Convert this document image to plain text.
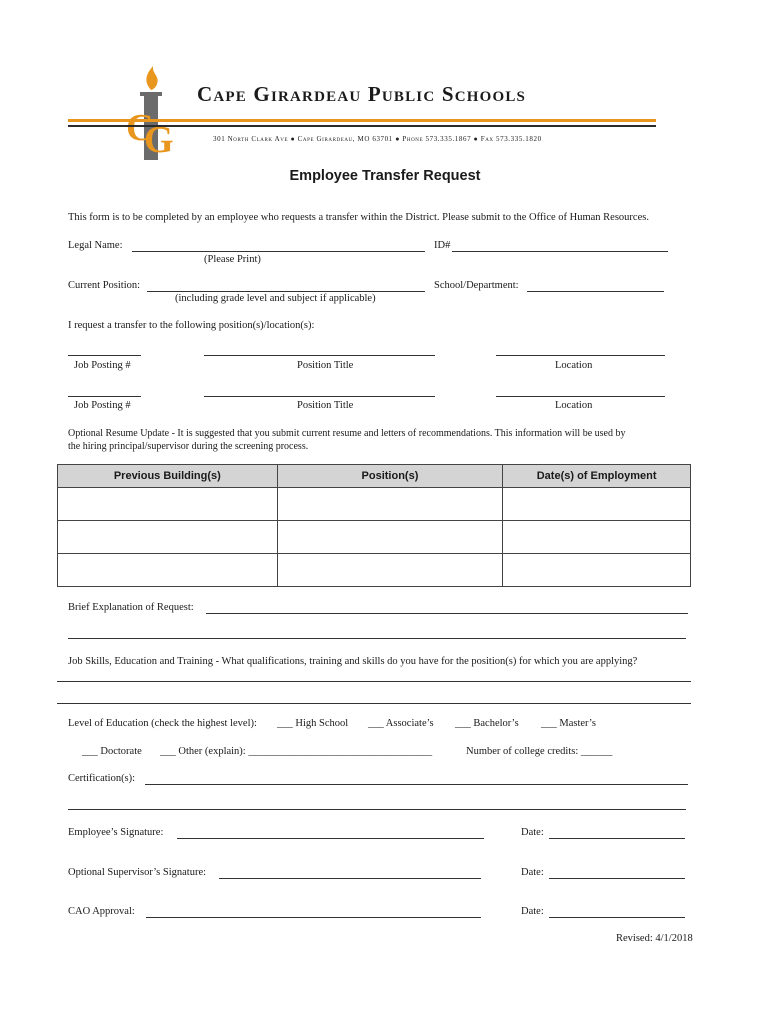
C
G
Cape Girardeau Public Schools
301 North Clark Ave ● Cape Girardeau, MO 63701 ● Phone 573.335.1867 ● Fax 573.335.1820
Employee Transfer Request
This form is to be completed by an employee who requests a transfer within the District. Please submit to the Office of Human Resources.
Legal Name:	ID#
(Please Print)
Current Position:	School/Department:
(including grade level and subject if applicable)
I request a transfer to the following position(s)/location(s):
Job Posting #	Position Title	Location
Job Posting #	Position Title	Location
Optional Resume Update - It is suggested that you submit current resume and letters of recommendations. This information will be used by
the hiring principal/supervisor during the screening process.
Previous Building(s)	Position(s)	Date(s) of Employment

Brief Explanation of Request:
Job Skills, Education and Training - What qualifications, training and skills do you have for the position(s) for which you are applying?
Level of Education (check the highest level): ___ High School ___ Associate’s ___ Bachelor’s ___ Master’s
___ Doctorate ___ Other (explain): ___________________________________	Number of college credits: ______
Certification(s):
Employee’s Signature:	Date:
Optional Supervisor’s Signature:	Date:
CAO Approval:	Date:
Revised: 4/1/2018
